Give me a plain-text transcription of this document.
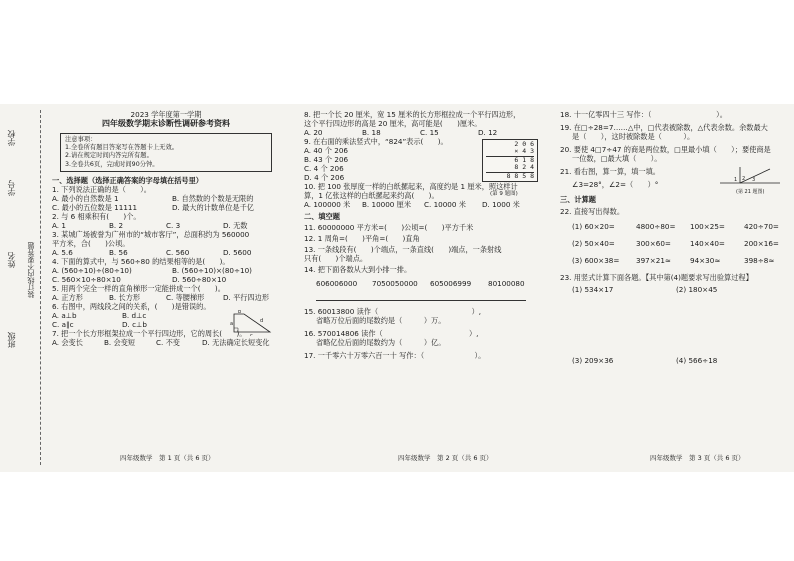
学校
姓名
班级
学号
装订线内不要答题
2023 学年度第一学期
四年级数学期末诊断性调研参考资料
注意事项：
1.全卷所有题目答案写在答题卡上无效。
2.请在规定时间内答完所有题。
3.全卷共6页，完成时间90分钟。
一、选择题（选择正确答案的字母填在括号里）
1. 下列说法正确的是（　　）。
A. 最小的自然数是 1	B. 自然数的个数是无限的
C. 最小的五位数是 11111	D. 最大的计数单位是千亿
2. 与 6 相乘积有(　　)个。
A. 1	B. 2	C. 3	D. 无数
3. 某城广场被誉为广州市的“城市客厅”，总面积约为 560000
平方米，合(　　)公顷。
A. 5.6	B. 56	C. 560	D. 5600
4. 下面的算式中，与 560÷80 的结果相等的是(　　)。
A. (560÷10)÷(80÷10)	B. (560÷10)×(80÷10)
C. 560×10÷80×10	D. 560÷80×10
5. 用两个完全一样的直角梯形一定能拼成一个(　　)。
A. 正方形	B. 长方形	C. 等腰梯形	D. 平行四边形
6. 右图中，两线段之间的关系，(　　)是错误的。
A. a⊥b	B. d⊥c
C. a∥c	D. c⊥b	a
b
d
c
7. 把一个长方形框架拉成一个平行四边形，它的周长(　　)。
A. 会变长	B. 会变短	C. 不变	D. 无法确定长短变化
四年级数学　第 1 页（共 6 页）
8. 把一个长 20 厘米，宽 15 厘米的长方形框拉成一个平行四边形，
这个平行四边形的高是 20 厘米，高可能是(　　)厘米。
A. 20	B. 18	C. 15	D. 12
9. 在右面的乘法竖式中，“824”表示(　　)。
A. 40 个 206
B. 43 个 206
C. 4 个 206
D. 4 个 206
2 0 6
× 4 3
6 1 8
8 2 4
8 8 5 8
(第 9 题图)
10. 把 100 张厚度一样的白纸摞起来，高度约是 1 厘米，照这样计
算，1 亿张这样的白纸摞起来约高(　　)。
A. 100000 米	B. 10000 厘米	C. 10000 米	D. 1000 米
二、填空题
11. 60000000 平方米=(　　)公顷=(　　)平方千米
12. 1 周角=(　　)平角=(　　)直角
13. 一条线段有(　　)个端点，一条直线(　　)端点，一条射线
只有(　　)个端点。
14. 把下面各数从大到小排一排。
606006000	7050050000	605006999	80100080
15. 60013800 读作（　　　　　　　　　　　　　）,
省略万位后面的尾数约是（　　　）万。
16. 570014806 读作（　　　　　　　　　　　　）,
省略亿位后面的尾数约为（　　　）亿。
17. 一千零六十万零六百一十 写作：（　　　　　　　）。
四年级数学　第 2 页（共 6 页）
18. 十一亿零四十三 写作：（　　　　　　　　　）。
19. 在□÷28=7……△中，□代表被除数，△代表余数。余数最大
是（　　），这时被除数是（　　　）。
20. 要使 4□7÷47 的商是两位数，□里最小填（　　）；要使商是
一位数，□最大填（　　）。
21. 看右图，算一算，填一填。
∠3=28°，∠2=（　　）°	1 2 3
(第 21 题图)
三、计算题
22. 直接写出得数。
(1) 60×20=	4800÷80=	100×25=	420÷70=
(2) 50×40=	300×60=	140×40=	200×16=
(3) 600×38=	397×21≈	94×30≈	398÷8≈
23. 用竖式计算下面各题。【其中第(4)题要求写出验算过程】
(1) 534×17	(2) 180×45
(3) 209×36	(4) 566÷18
四年级数学　第 3 页（共 6 页）
